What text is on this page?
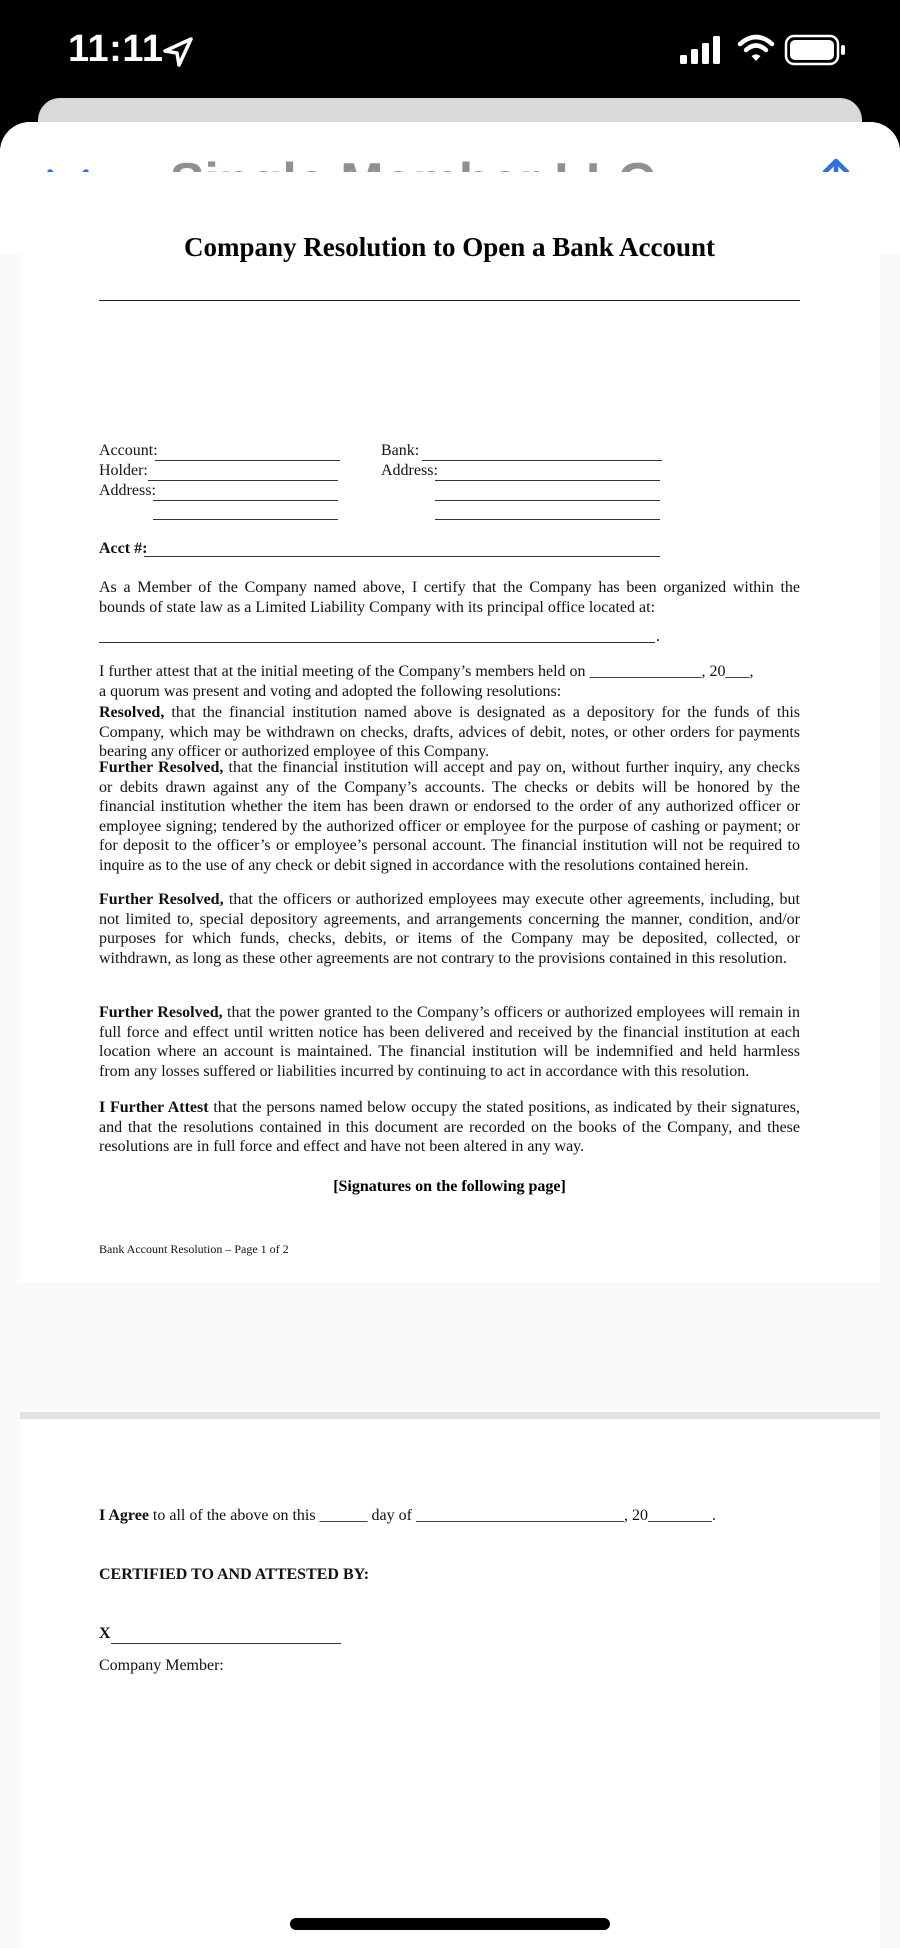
11:11
Company Resolution to Open a Bank Account
Account:
Holder:
Address:
Bank:
Address:
Acct #:

As a Member of the Company named above, I certify that the Company has been organized within the bounds of state law as a Limited Liability Company with its principal office located at:

.
I further attest that at the initial meeting of the Company’s members held on ______________, 20___,
a quorum was present and voting and adopted the following resolutions:

Resolved, that the financial institution named above is designated as a depository for the funds of this Company, which may be withdrawn on checks, drafts, advices of debit, notes, or other orders for payments bearing any officer or authorized employee of this Company.

Further Resolved, that the financial institution will accept and pay on, without further inquiry, any checks or debits drawn against any of the Company’s accounts. The checks or debits will be honored by the financial institution whether the item has been drawn or endorsed to the order of any authorized officer or employee signing; tendered by the authorized officer or employee for the purpose of cashing or payment; or for deposit to the officer’s or employee’s personal account. The financial institution will not be required to inquire as to the use of any check or debit signed in accordance with the resolutions contained herein.

Further Resolved, that the officers or authorized employees may execute other agreements, including, but not limited to, special depository agreements, and arrangements concerning the manner, condition, and/or purposes for which funds, checks, debits, or items of the Company may be deposited, collected, or withdrawn, as long as these other agreements are not contrary to the provisions contained in this resolution.

Further Resolved, that the power granted to the Company’s officers or authorized employees will remain in full force and effect until written notice has been delivered and received by the financial institution at each location where an account is maintained. The financial institution will be indemnified and held harmless from any losses suffered or liabilities incurred by continuing to act in accordance with this resolution.

I Further Attest that the persons named below occupy the stated positions, as indicated by their signatures, and that the resolutions contained in this document are recorded on the books of the Company, and these resolutions are in full force and effect and have not been altered in any way.

[Signatures on the following page]
Bank Account Resolution – Page 1 of 2
I Agree to all of the above on this ______ day of __________________________, 20________.
CERTIFIED TO AND ATTESTED BY:
X
Company Member:
